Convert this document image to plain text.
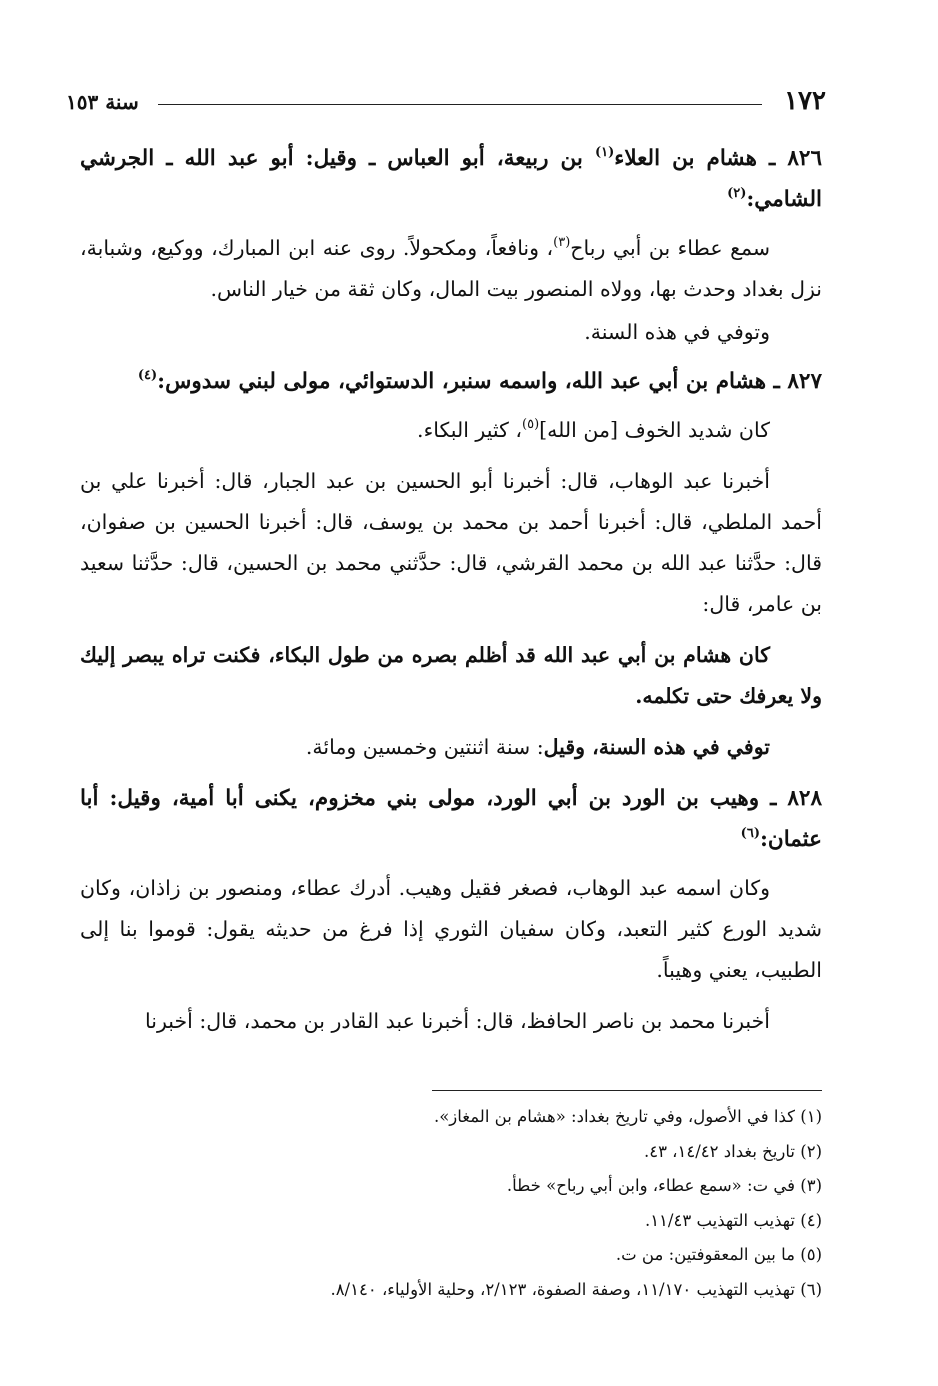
١٧٢
سنة ١٥٣
٨٢٦ ـ هشام بن العلاء$^{(١)}$ بن ربيعة، أبو العباس ـ وقيل: أبو عبد الله ـ الجرشي الشامي:$^{(٢)}$
سمع عطاء بن أبي رباح$^{(٣)}$، ونافعاً، ومكحولاً. روى عنه ابن المبارك، ووكيع، وشبابة، نزل بغداد وحدث بها، وولاه المنصور بيت المال، وكان ثقة من خيار الناس.
وتوفي في هذه السنة.
٨٢٧ ـ هشام بن أبي عبد الله، واسمه سنبر، الدستوائي، مولى لبني سدوس:$^{(٤)}$
كان شديد الخوف [من الله]$^{(٥)}$، كثير البكاء.
أخبرنا عبد الوهاب، قال: أخبرنا أبو الحسين بن عبد الجبار، قال: أخبرنا علي بن أحمد الملطي، قال: أخبرنا أحمد بن محمد بن يوسف، قال: أخبرنا الحسين بن صفوان، قال: حدَّثنا عبد الله بن محمد القرشي، قال: حدَّثني محمد بن الحسين، قال: حدَّثنا سعيد بن عامر، قال:
كان هشام بن أبي عبد الله قد أظلم بصره من طول البكاء، فكنت تراه يبصر إليك ولا يعرفك حتى تكلمه.
توفي في هذه السنة، وقيل: سنة اثنتين وخمسين ومائة.
٨٢٨ ـ وهيب بن الورد بن أبي الورد، مولى بني مخزوم، يكنى أبا أمية، وقيل: أبا عثمان:$^{(٦)}$
وكان اسمه عبد الوهاب، فصغر فقيل وهيب. أدرك عطاء، ومنصور بن زاذان، وكان شديد الورع كثير التعبد، وكان سفيان الثوري إذا فرغ من حديثه يقول: قوموا بنا إلى الطبيب، يعني وهيباً.
أخبرنا محمد بن ناصر الحافظ، قال: أخبرنا عبد القادر بن محمد، قال: أخبرنا

(١) كذا في الأصول، وفي تاريخ بغداد: «هشام بن المغاز».

(٢) تاريخ بغداد ١٤/٤٢، ٤٣.

(٣) في ت: «سمع عطاء، وابن أبي رباح» خطأ.

(٤) تهذيب التهذيب ١١/٤٣.

(٥) ما بين المعقوفتين: من ت.

(٦) تهذيب التهذيب ١١/١٧٠، وصفة الصفوة، ٢/١٢٣، وحلية الأولياء، ٨/١٤٠.
